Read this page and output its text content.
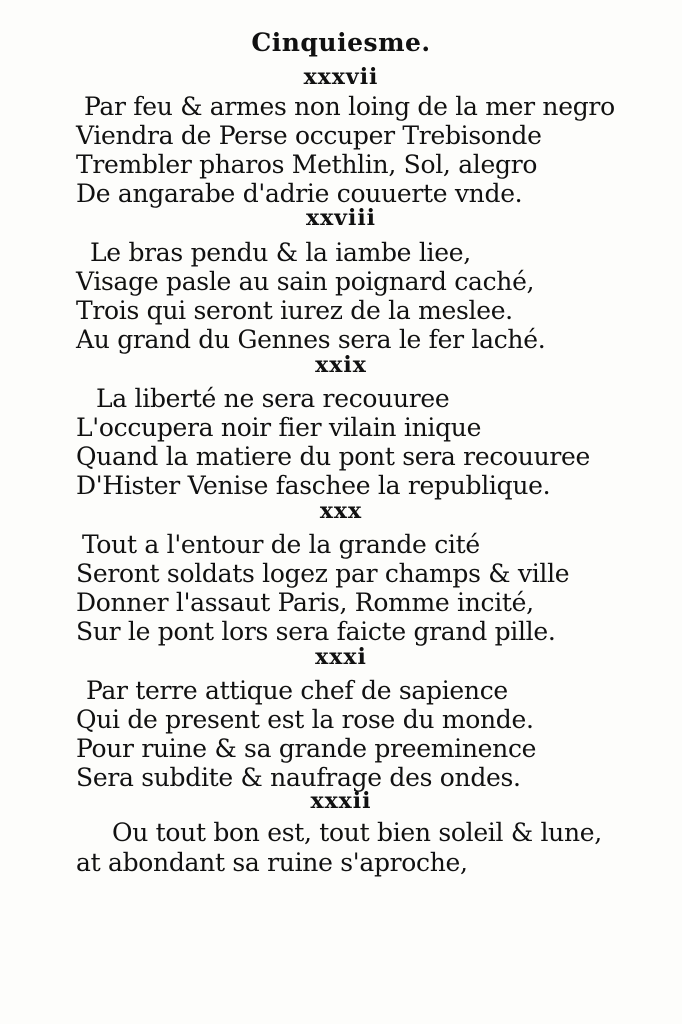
Cinquiesme.
xxxvii
Par feu & armes non loing de la mer negro
Viendra de Perse occuper Trebisonde
Trembler pharos Methlin, Sol, alegro
De angarabe d'adrie couuerte vnde.
xxviii
Le bras pendu & la iambe liee,
Visage pasle au sain poignard caché,
Trois qui seront iurez de la meslee.
Au grand du Gennes sera le fer laché.
xxix
La liberté ne sera recouuree
L'occupera noir fier vilain inique
Quand la matiere du pont sera recouuree
D'Hister Venise faschee la republique.
xxx
Tout a l'entour de la grande cité
Seront soldats logez par champs & ville
Donner l'assaut Paris, Romme incité,
Sur le pont lors sera faicte grand pille.
xxxi
Par terre attique chef de sapience
Qui de present est la rose du monde.
Pour ruine & sa grande preeminence
Sera subdite & naufrage des ondes.
xxxii
Ou tout bon est, tout bien soleil & lune,
at abondant sa ruine s'aproche,
